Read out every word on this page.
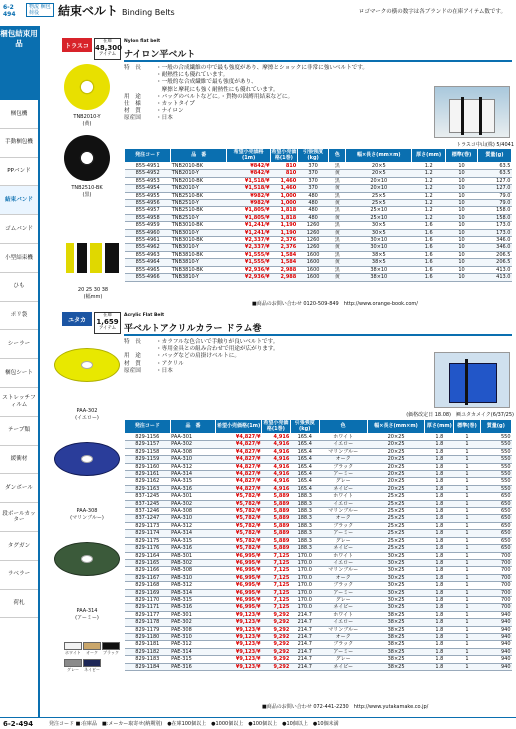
6-2
494
物流 梱包 荷役	結束ベルト Binding Belts	ロゴマークの横の数字は各ブランドの在庫アイテム数です。
梱包結束用品
梱包機
手動梱包機
PPバンド
結束バンド
ゴムバンド
小型結束機
ひも
ポリ袋
シーラー
梱包シート
ストレッチフィルム
テープ類
緩衝材
ダンボール
段ボールカッター
タグガン
ラベラー
荷札
トラスコ
在庫
48,300
アイテム
Nylon flat belt
ナイロン平ベルト
特　長	・一般の合成繊維の中で最も強度があり、摩擦とショックに非常に強いベルトです。
・耐熱性にも優れています。
・一般的な合成繊維で最も強度があり、
　摩擦と摩耗にも強く耐熱性にも優れています。
用　途	・バッグのベルトなどに。・貨物の固縛用結束などに。
仕　様	・カットタイプ
材　質	・ナイロン
原産国	・日本
TNB2010-Y
(黄)
TNB2510-BK
(黒)
20 25 30 38
(幅mm)
トラスコ中山(株) 5/4041
発注コード	品　番	希望小売価格(1m)	希望小売価格(1巻)	引張強度(kg)	色	幅×長さ(mm×m)	厚さ(mm)	標準(巻)	質量(g)
855-4951	TNB2010-BK	¥842/¥	810	370	黒	20×5	1.2	10	63.5
855-4952	TNB2010-Y	¥842/¥	810	370	黄	20×5	1.2	10	63.5
855-4953	TNB2010-BK	¥1,518/¥	1,460	370	黒	20×10	1.2	10	127.0
855-4954	TNB2010-Y	¥1,518/¥	1,460	370	黄	20×10	1.2	10	127.0
855-4955	TNB2510-BK	¥982/¥	1,000	480	黒	25×5	1.2	10	79.0
855-4956	TNB2510-Y	¥982/¥	1,000	480	黄	25×5	1.2	10	79.0
855-4957	TNB2510-BK	¥1,805/¥	1,818	480	黒	25×10	1.2	10	158.0
855-4958	TNB2510-Y	¥1,805/¥	1,818	480	黄	25×10	1.2	10	158.0
855-4959	TNB3010-BK	¥1,241/¥	1,190	1260	黒	30×5	1.6	10	173.0
855-4960	TNB3010-Y	¥1,241/¥	1,190	1260	黄	30×5	1.6	10	173.0
855-4961	TNB3010-BK	¥2,337/¥	2,376	1260	黒	30×10	1.6	10	346.0
855-4962	TNB3010-Y	¥2,337/¥	2,376	1260	黄	30×10	1.6	10	346.0
855-4963	TNB3810-BK	¥1,555/¥	1,584	1600	黒	38×5	1.6	10	206.5
855-4964	TNB3810-Y	¥1,555/¥	1,584	1600	黄	38×5	1.6	10	206.5
855-4965	TNB3810-BK	¥2,936/¥	2,988	1600	黒	38×10	1.6	10	413.0
855-4966	TNB3810-Y	¥2,936/¥	2,988	1600	黄	38×10	1.6	10	413.0
■商品のお問い合わせ 0120-509-849　http://www.orange-book.com/
ユタカ
在庫
1,659
アイテム
Acrylic Flat Belt
平ベルトアクリルカラー ドラム巻
特　長	・カラフルな色合いで手触りが良いベルトです。
・専用金具との組み合わせで用途が広がります。
用　途	・バッグなどの肩掛けベルトに。
材　質	・アクリル
原産国	・日本
PAA-302
(イエロー)
PAA-308
(マリンブルー)
PAA-314
(アーミー)
ホワイト	オーク	ブラック
グレー	ネイビー
(価格改定日 18.08)　㈱ユタカメイク(6/37/25)
発注コード	品　番	希望小売価格(1m)	希望小売価格(1巻)	引張強度(kg)	色	幅×長さ(mm×m)	厚さ(mm)	標準(巻)	質量(g)
829-1156	PAA-301	¥4,827/¥	4,916	165.4	ホワイト	20×25	1.8	1	550
829-1157	PAA-302	¥4,827/¥	4,916	165.4	イエロー	20×25	1.8	1	550
829-1158	PAA-308	¥4,827/¥	4,916	165.4	マリンブルー	20×25	1.8	1	550
829-1159	PAA-310	¥4,827/¥	4,916	165.4	オーク	20×25	1.8	1	550
829-1160	PAA-312	¥4,827/¥	4,916	165.4	ブラック	20×25	1.8	1	550
829-1161	PAA-314	¥4,827/¥	4,916	165.4	アーミー	20×25	1.8	1	550
829-1162	PAA-315	¥4,827/¥	4,916	165.4	グレー	20×25	1.8	1	550
829-1163	PAA-316	¥4,827/¥	4,916	165.4	ネイビー	20×25	1.8	1	550
837-1245	PAA-301	¥5,782/¥	5,889	188.3	ホワイト	25×25	1.8	1	650
837-1245	PAA-302	¥5,782/¥	5,889	188.3	イエロー	25×25	1.8	1	650
837-1246	PAA-308	¥5,782/¥	5,889	188.3	マリンブルー	25×25	1.8	1	650
837-1247	PAA-310	¥5,782/¥	5,889	188.3	オーク	25×25	1.8	1	650
829-1173	PAA-312	¥5,782/¥	5,889	188.3	ブラック	25×25	1.8	1	650
829-1174	PAA-314	¥5,782/¥	5,889	188.3	アーミー	25×25	1.8	1	650
829-1175	PAA-315	¥5,782/¥	5,889	188.3	グレー	25×25	1.8	1	650
829-1176	PAA-316	¥5,782/¥	5,889	188.3	ネイビー	25×25	1.8	1	650
829-1164	PAB-301	¥6,995/¥	7,125	170.0	ホワイト	30×25	1.8	1	700
829-1165	PAB-302	¥6,995/¥	7,125	170.0	イエロー	30×25	1.8	1	700
829-1166	PAB-308	¥6,995/¥	7,125	170.0	マリンブルー	30×25	1.8	1	700
829-1167	PAB-310	¥6,995/¥	7,125	170.0	オーク	30×25	1.8	1	700
829-1168	PAB-312	¥6,995/¥	7,125	170.0	ブラック	30×25	1.8	1	700
829-1169	PAB-314	¥6,995/¥	7,125	170.0	アーミー	30×25	1.8	1	700
829-1170	PAB-315	¥6,995/¥	7,125	170.0	グレー	30×25	1.8	1	700
829-1171	PAB-316	¥6,995/¥	7,125	170.0	ネイビー	30×25	1.8	1	700
829-1177	PAE-301	¥9,123/¥	9,292	214.7	ホワイト	38×25	1.8	1	940
829-1178	PAE-302	¥9,123/¥	9,292	214.7	イエロー	38×25	1.8	1	940
829-1179	PAE-308	¥9,123/¥	9,292	214.7	マリンブルー	38×25	1.8	1	940
829-1180	PAE-310	¥9,123/¥	9,292	214.7	オーク	38×25	1.8	1	940
829-1181	PAE-312	¥9,123/¥	9,292	214.7	ブラック	38×25	1.8	1	940
829-1182	PAE-314	¥9,123/¥	9,292	214.7	アーミー	38×25	1.8	1	940
829-1183	PAE-315	¥9,123/¥	9,292	214.7	グレー	38×25	1.8	1	940
829-1184	PAE-316	¥9,123/¥	9,292	214.7	ネイビー	38×25	1.8	1	940
■商品のお問い合わせ 072-441-2230　http://www.yutakamake.co.jp/
6-2-494	発注コード ■:在庫品　■:メーカー取寄せ(納期別)　●在庫100個以上　●1000個以上　●100個以上　●10個以上　●10個未満
